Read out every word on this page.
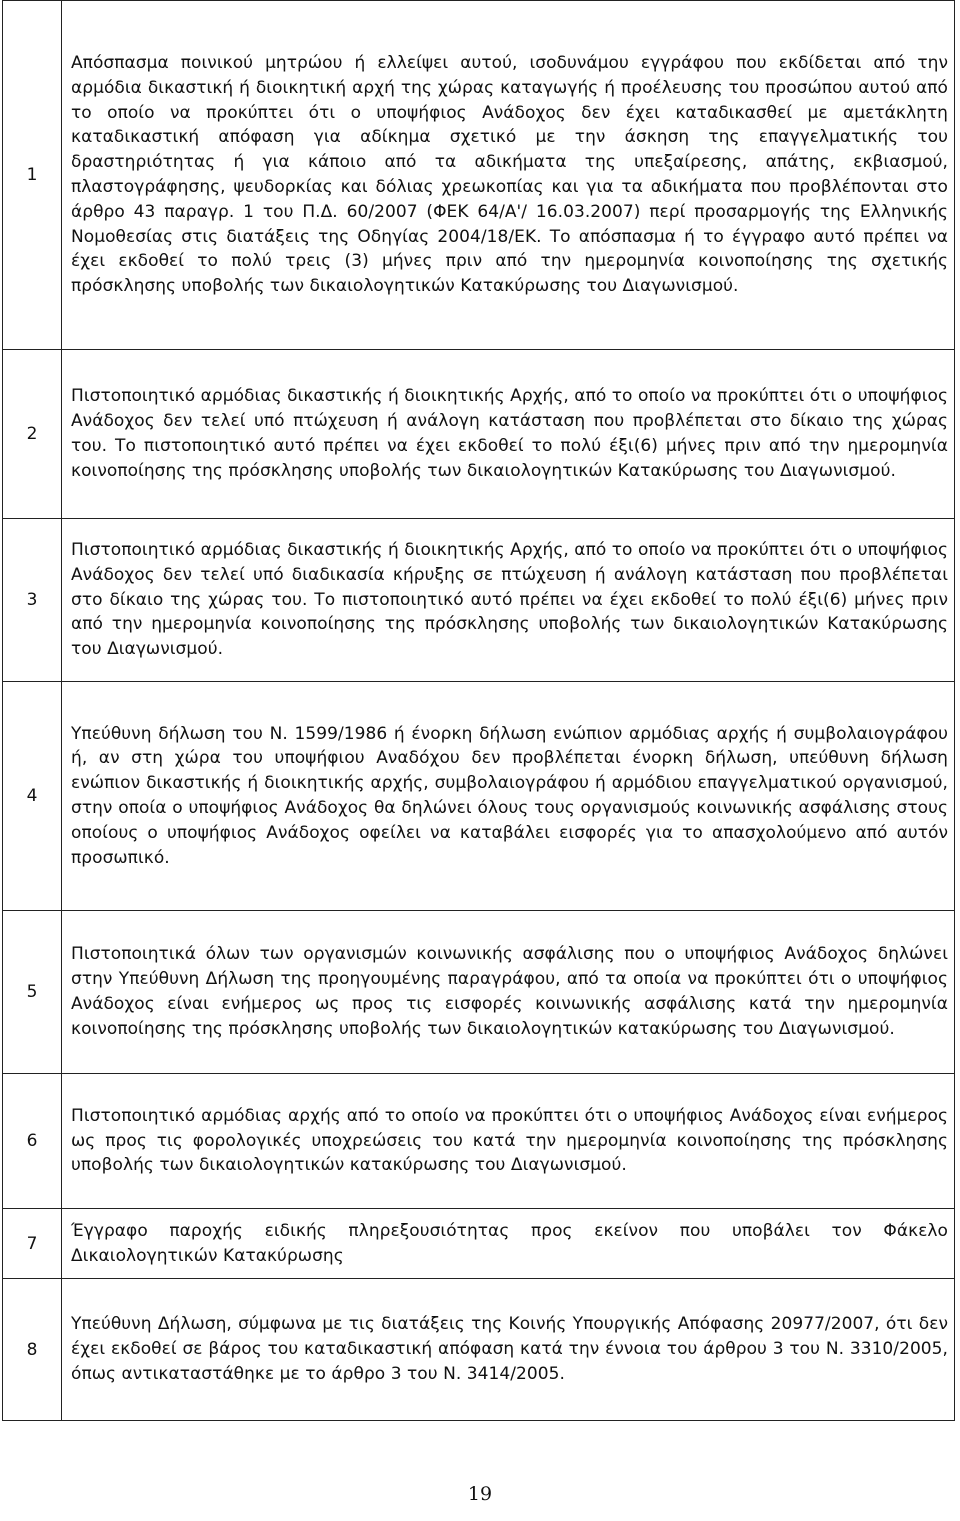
1	Απόσπασμα ποινικού μητρώου ή ελλείψει αυτού, ισοδυνάμου εγγράφου που εκδίδεται από την αρμόδια δικαστική ή διοικητική αρχή της χώρας καταγωγής ή προέλευσης του προσώπου αυτού από το οποίο να προκύπτει ότι ο υποψήφιος Ανάδοχος δεν έχει καταδικασθεί με αμετάκλητη καταδικαστική απόφαση για αδίκημα σχετικό με την άσκηση της επαγγελματικής του δραστηριότητας ή για κάποιο από τα αδικήματα της υπεξαίρεσης, απάτης, εκβιασμού, πλαστογράφησης, ψευδορκίας και δόλιας χρεωκοπίας και για τα αδικήματα που προβλέπονται στο άρθρο 43 παραγρ. 1 του Π.Δ. 60/2007 (ΦΕΚ 64/Α'/ 16.03.2007) περί προσαρμογής της Ελληνικής Νομοθεσίας στις διατάξεις της Οδηγίας 2004/18/ΕΚ. Το απόσπασμα ή το έγγραφο αυτό πρέπει να έχει εκδοθεί το πολύ τρεις (3) μήνες πριν από την ημερομηνία κοινοποίησης της σχετικής πρόσκλησης υποβολής των δικαιολογητικών Κατακύρωσης του Διαγωνισμού.

2	Πιστοποιητικό αρμόδιας δικαστικής ή διοικητικής Αρχής, από το οποίο να προκύπτει ότι ο υποψήφιος Ανάδοχος δεν τελεί υπό πτώχευση ή ανάλογη κατάσταση που προβλέπεται στο δίκαιο της χώρας του. Το πιστοποιητικό αυτό πρέπει να έχει εκδοθεί το πολύ έξι(6) μήνες πριν από την ημερομηνία κοινοποίησης της πρόσκλησης υποβολής των δικαιολογητικών Κατακύρωσης του Διαγωνισμού.

3	Πιστοποιητικό αρμόδιας δικαστικής ή διοικητικής Αρχής, από το οποίο να προκύπτει ότι ο υποψήφιος Ανάδοχος δεν τελεί υπό διαδικασία κήρυξης σε πτώχευση ή ανάλογη κατάσταση που προβλέπεται στο δίκαιο της χώρας του. Το πιστοποιητικό αυτό πρέπει να έχει εκδοθεί το πολύ έξι(6) μήνες πριν από την ημερομηνία κοινοποίησης της πρόσκλησης υποβολής των δικαιολογητικών Κατακύρωσης του Διαγωνισμού.

4	Υπεύθυνη δήλωση του Ν. 1599/1986 ή ένορκη δήλωση ενώπιον αρμόδιας αρχής ή συμβολαιογράφου ή, αν στη χώρα του υποψήφιου Αναδόχου δεν προβλέπεται ένορκη δήλωση, υπεύθυνη δήλωση ενώπιον δικαστικής ή διοικητικής αρχής, συμβολαιογράφου ή αρμόδιου επαγγελματικού οργανισμού, στην οποία ο υποψήφιος Ανάδοχος θα δηλώνει όλους τους οργανισμούς κοινωνικής ασφάλισης στους οποίους ο υποψήφιος Ανάδοχος οφείλει να καταβάλει εισφορές για το απασχολούμενο από αυτόν προσωπικό.

5	Πιστοποιητικά όλων των οργανισμών κοινωνικής ασφάλισης που ο υποψήφιος Ανάδοχος δηλώνει στην Υπεύθυνη Δήλωση της προηγουμένης παραγράφου, από τα οποία να προκύπτει ότι ο υποψήφιος Ανάδοχος είναι ενήμερος ως προς τις εισφορές κοινωνικής ασφάλισης κατά την ημερομηνία κοινοποίησης της πρόσκλησης υποβολής των δικαιολογητικών κατακύρωσης του Διαγωνισμού.

6	Πιστοποιητικό αρμόδιας αρχής από το οποίο να προκύπτει ότι ο υποψήφιος Ανάδοχος είναι ενήμερος ως προς τις φορολογικές υποχρεώσεις του κατά την ημερομηνία κοινοποίησης της πρόσκλησης υποβολής των δικαιολογητικών κατακύρωσης του Διαγωνισμού.

7	Έγγραφο παροχής ειδικής πληρεξουσιότητας προς εκείνον που υποβάλει τον Φάκελο Δικαιολογητικών Κατακύρωσης

8	Υπεύθυνη Δήλωση, σύμφωνα με τις διατάξεις της Κοινής Υπουργικής Απόφασης 20977/2007, ότι δεν έχει εκδοθεί σε βάρος του καταδικαστική απόφαση κατά την έννοια του άρθρου 3 του Ν. 3310/2005, όπως αντικαταστάθηκε με το άρθρο 3 του Ν. 3414/2005.

19
